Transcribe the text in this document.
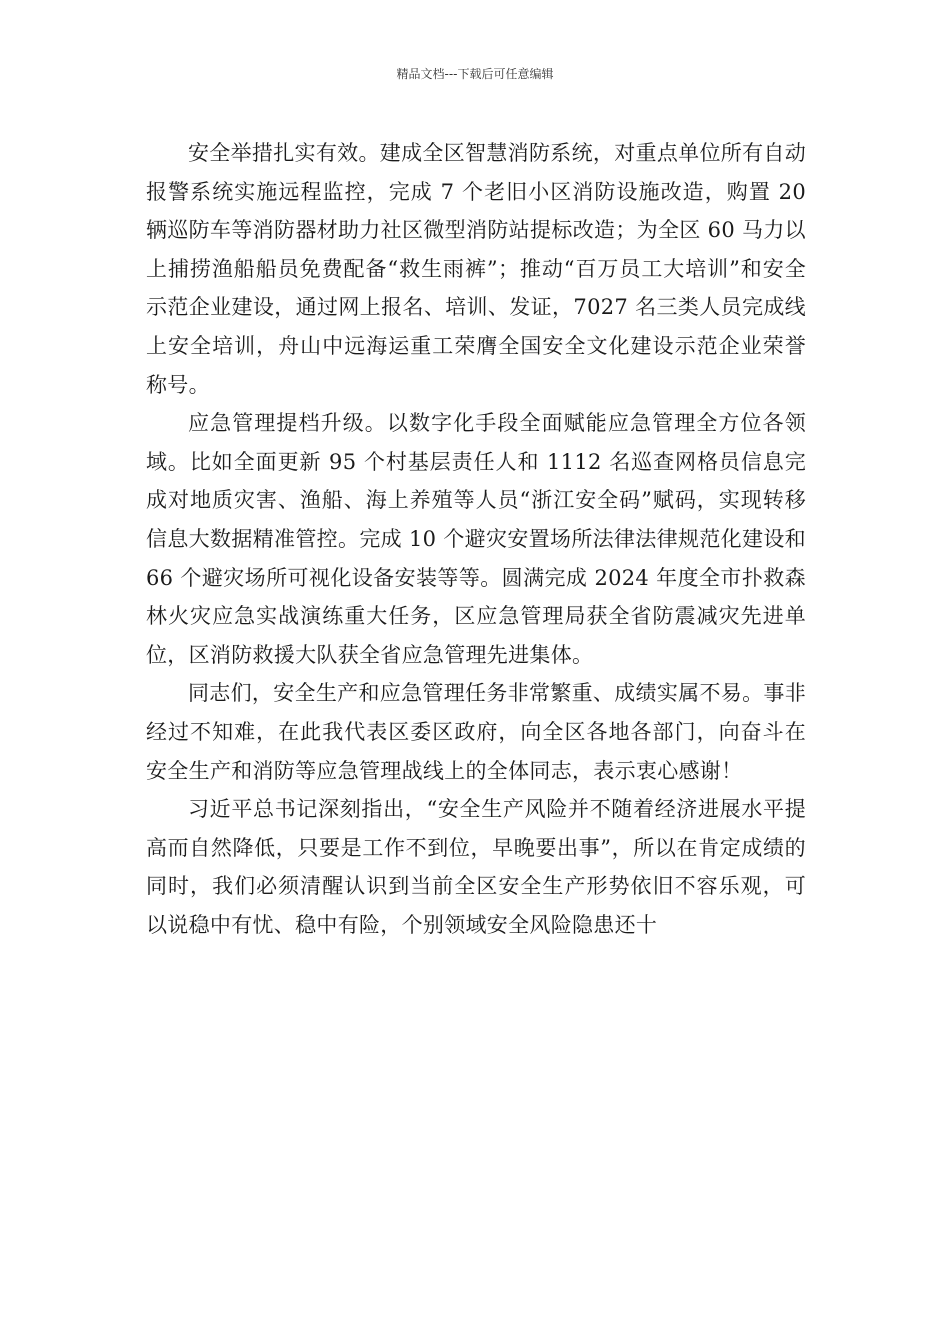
精品文档---下载后可任意编辑

安全举措扎实有效。建成全区智慧消防系统，对重点单位所有自动报警系统实施远程监控，完成 7 个老旧小区消防设施改造，购置 20 辆巡防车等消防器材助力社区微型消防站提标改造；为全区 60 马力以上捕捞渔船船员免费配备“救生雨裤”；推动“百万员工大培训”和安全示范企业建设，通过网上报名、培训、发证，7027 名三类人员完成线上安全培训，舟山中远海运重工荣膺全国安全文化建设示范企业荣誉称号。

应急管理提档升级。以数字化手段全面赋能应急管理全方位各领域。比如全面更新 95 个村基层责任人和 1112 名巡查网格员信息完成对地质灾害、渔船、海上养殖等人员“浙江安全码”赋码，实现转移信息大数据精准管控。完成 10 个避灾安置场所法律法律规范化建设和 66 个避灾场所可视化设备安装等等。圆满完成 2024 年度全市扑救森林火灾应急实战演练重大任务，区应急管理局获全省防震减灾先进单位，区消防救援大队获全省应急管理先进集体。

同志们，安全生产和应急管理任务非常繁重、成绩实属不易。事非经过不知难，在此我代表区委区政府，向全区各地各部门，向奋斗在安全生产和消防等应急管理战线上的全体同志，表示衷心感谢！

习近平总书记深刻指出，“安全生产风险并不随着经济进展水平提高而自然降低，只要是工作不到位，早晚要出事”，所以在肯定成绩的同时，我们必须清醒认识到当前全区安全生产形势依旧不容乐观，可以说稳中有忧、稳中有险，个别领域安全风险隐患还十
